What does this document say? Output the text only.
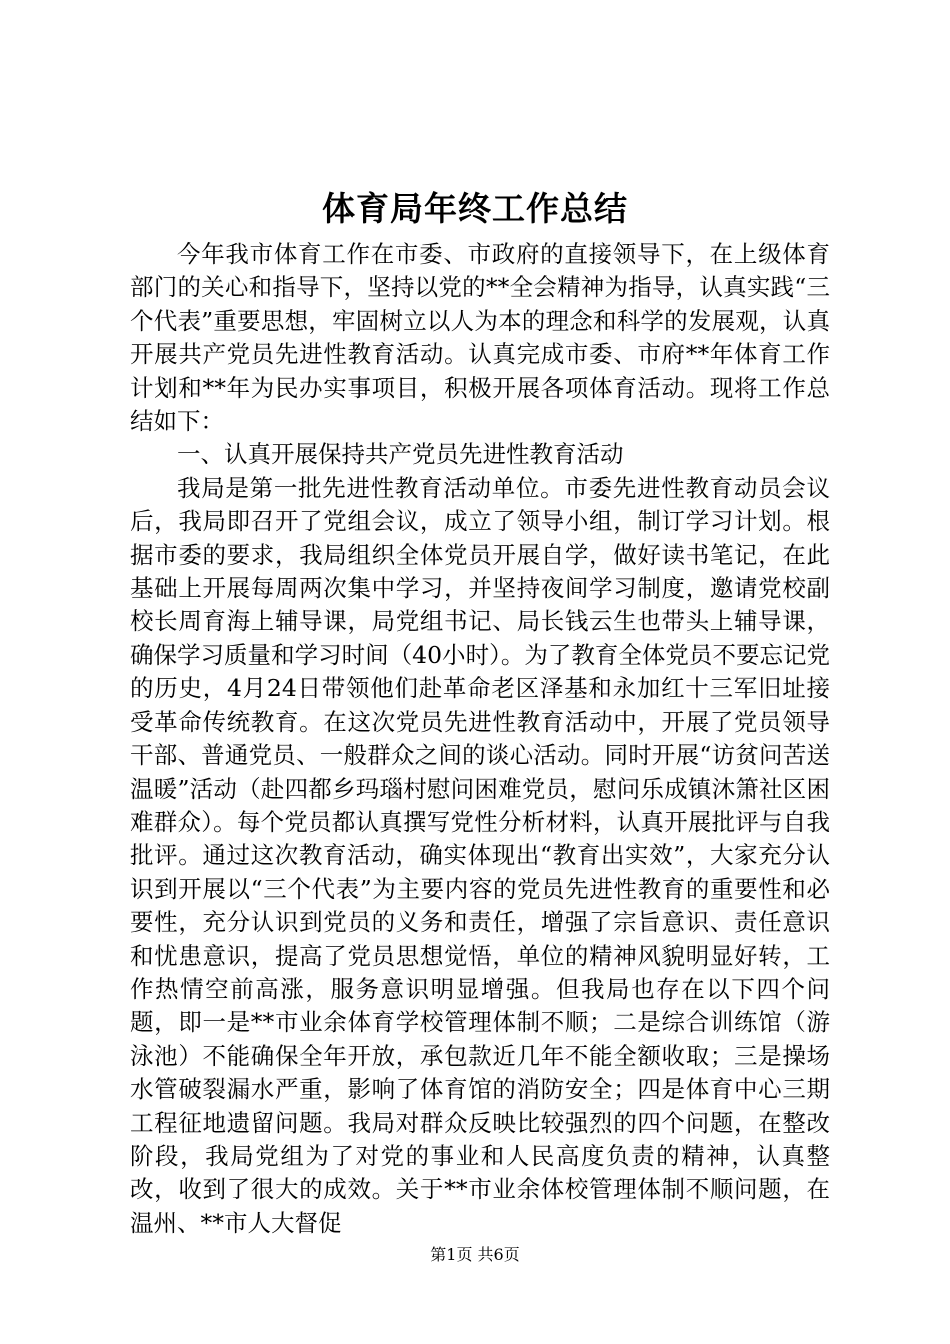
体育局年终工作总结

今年我市体育工作在市委、市政府的直接领导下，在上级体育部门的关心和指导下，坚持以党的**全会精神为指导，认真实践“三个代表”重要思想，牢固树立以人为本的理念和科学的发展观，认真开展共产党员先进性教育活动。认真完成市委、市府**年体育工作计划和**年为民办实事项目，积极开展各项体育活动。现将工作总结如下：

一、认真开展保持共产党员先进性教育活动

我局是第一批先进性教育活动单位。市委先进性教育动员会议后，我局即召开了党组会议，成立了领导小组，制订学习计划。根据市委的要求，我局组织全体党员开展自学，做好读书笔记，在此基础上开展每周两次集中学习，并坚持夜间学习制度，邀请党校副校长周育海上辅导课，局党组书记、局长钱云生也带头上辅导课，确保学习质量和学习时间（40小时）。为了教育全体党员不要忘记党的历史，4月24日带领他们赴革命老区泽基和永加红十三军旧址接受革命传统教育。在这次党员先进性教育活动中，开展了党员领导干部、普通党员、一般群众之间的谈心活动。同时开展“访贫问苦送温暖”活动（赴四都乡玛瑙村慰问困难党员，慰问乐成镇沐箫社区困难群众）。每个党员都认真撰写党性分析材料，认真开展批评与自我批评。通过这次教育活动，确实体现出“教育出实效”，大家充分认识到开展以“三个代表”为主要内容的党员先进性教育的重要性和必要性，充分认识到党员的义务和责任，增强了宗旨意识、责任意识和忧患意识，提高了党员思想觉悟，单位的精神风貌明显好转，工作热情空前高涨，服务意识明显增强。但我局也存在以下四个问题，即一是**市业余体育学校管理体制不顺；二是综合训练馆（游泳池）不能确保全年开放，承包款近几年不能全额收取；三是操场水管破裂漏水严重，影响了体育馆的消防安全；四是体育中心三期工程征地遗留问题。我局对群众反映比较强烈的四个问题，在整改阶段，我局党组为了对党的事业和人民高度负责的精神，认真整改，收到了很大的成效。关于**市业余体校管理体制不顺问题，在温州、**市人大督促

第1页 共6页
